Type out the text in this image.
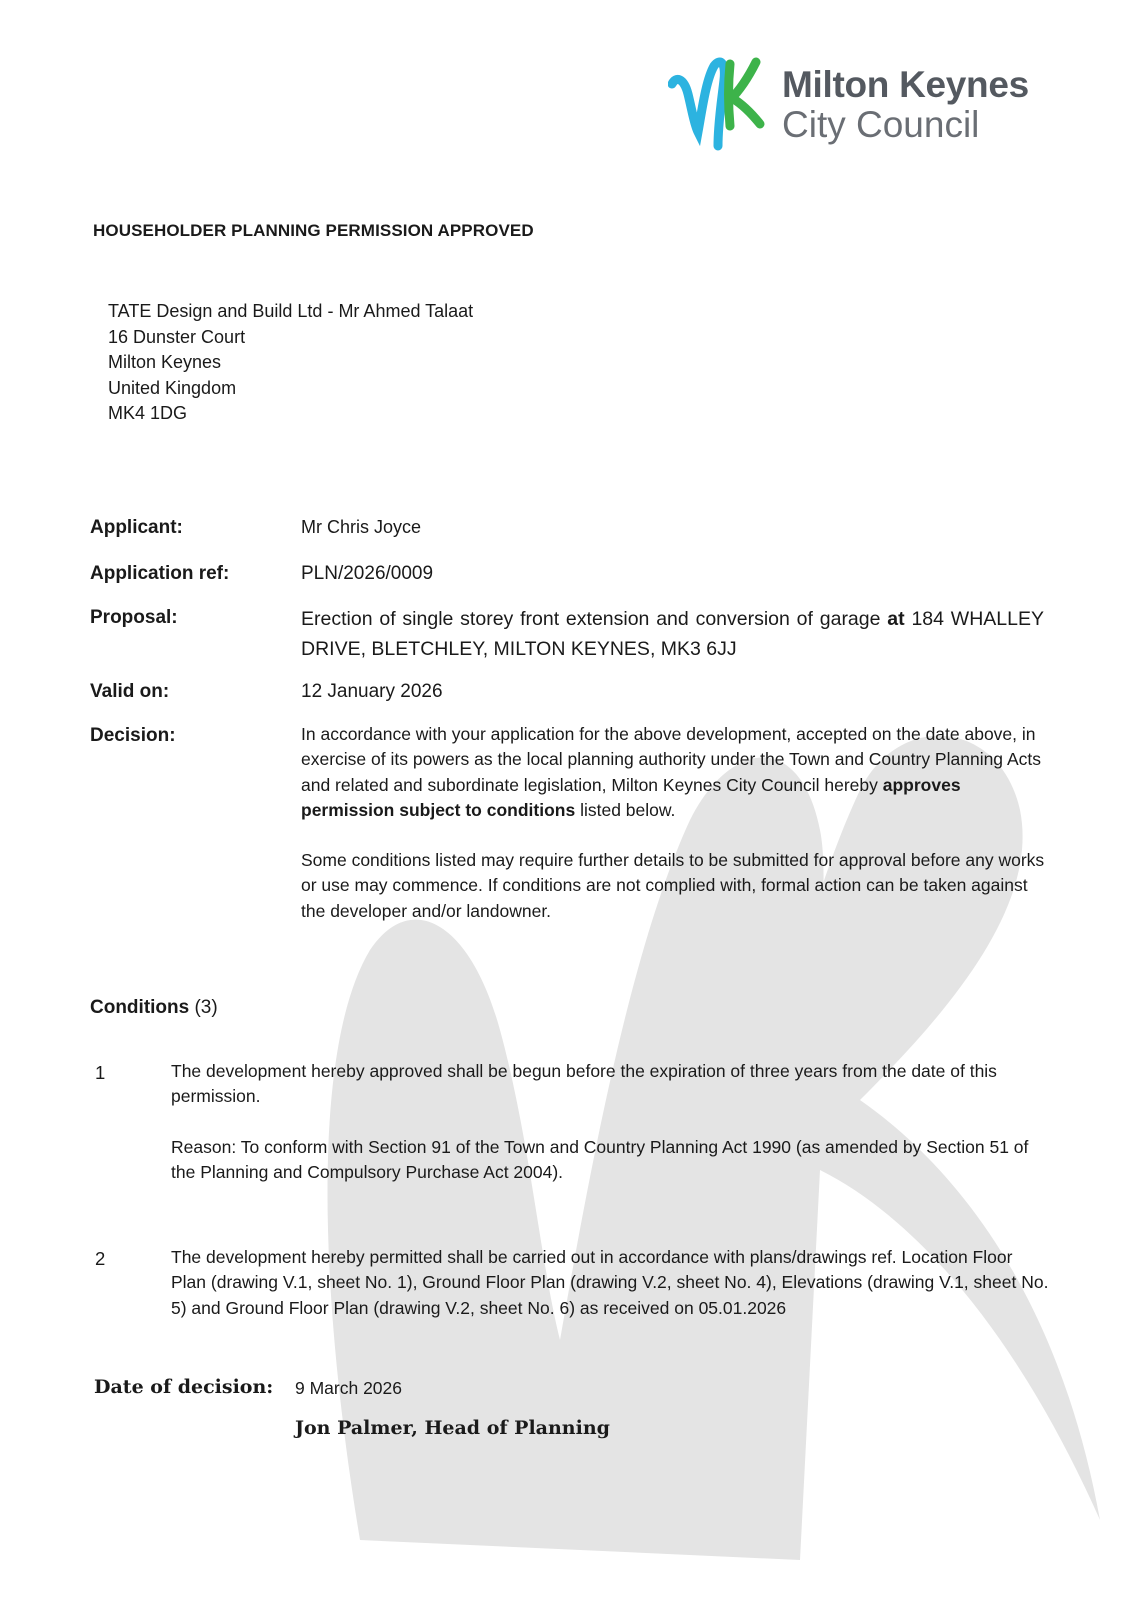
Milton Keynes
City Council
HOUSEHOLDER PLANNING PERMISSION APPROVED
TATE Design and Build Ltd - Mr Ahmed Talaat
16 Dunster Court
Milton Keynes
United Kingdom
MK4 1DG
Applicant:	Mr Chris Joyce
Application ref:	PLN/2026/0009
Proposal:	Erection of single storey front extension and conversion of garage at 184 WHALLEY DRIVE, BLETCHLEY, MILTON KEYNES, MK3 6JJ
Valid on:	12 January 2026
Decision:	In accordance with your application for the above development, accepted on the date above, in exercise of its powers as the local planning authority under the Town and Country Planning Acts and related and subordinate legislation, Milton Keynes City Council hereby approves permission subject to conditions listed below.

Some conditions listed may require further details to be submitted for approval before any works or use may commence. If conditions are not complied with, formal action can be taken against the developer and/or landowner.

Conditions (3)
1	The development hereby approved shall be begun before the expiration of three years from the date of this permission.

Reason: To conform with Section 91 of the Town and Country Planning Act 1990 (as amended by Section 51 of the Planning and Compulsory Purchase Act 2004).

2	The development hereby permitted shall be carried out in accordance with plans/drawings ref. Location Floor Plan (drawing V.1, sheet No. 1), Ground Floor Plan (drawing V.2, sheet No. 4), Elevations (drawing V.1, sheet No. 5) and Ground Floor Plan (drawing V.2, sheet No. 6) as received on 05.01.2026

Date of decision: 9 March 2026
Jon Palmer, Head of Planning
